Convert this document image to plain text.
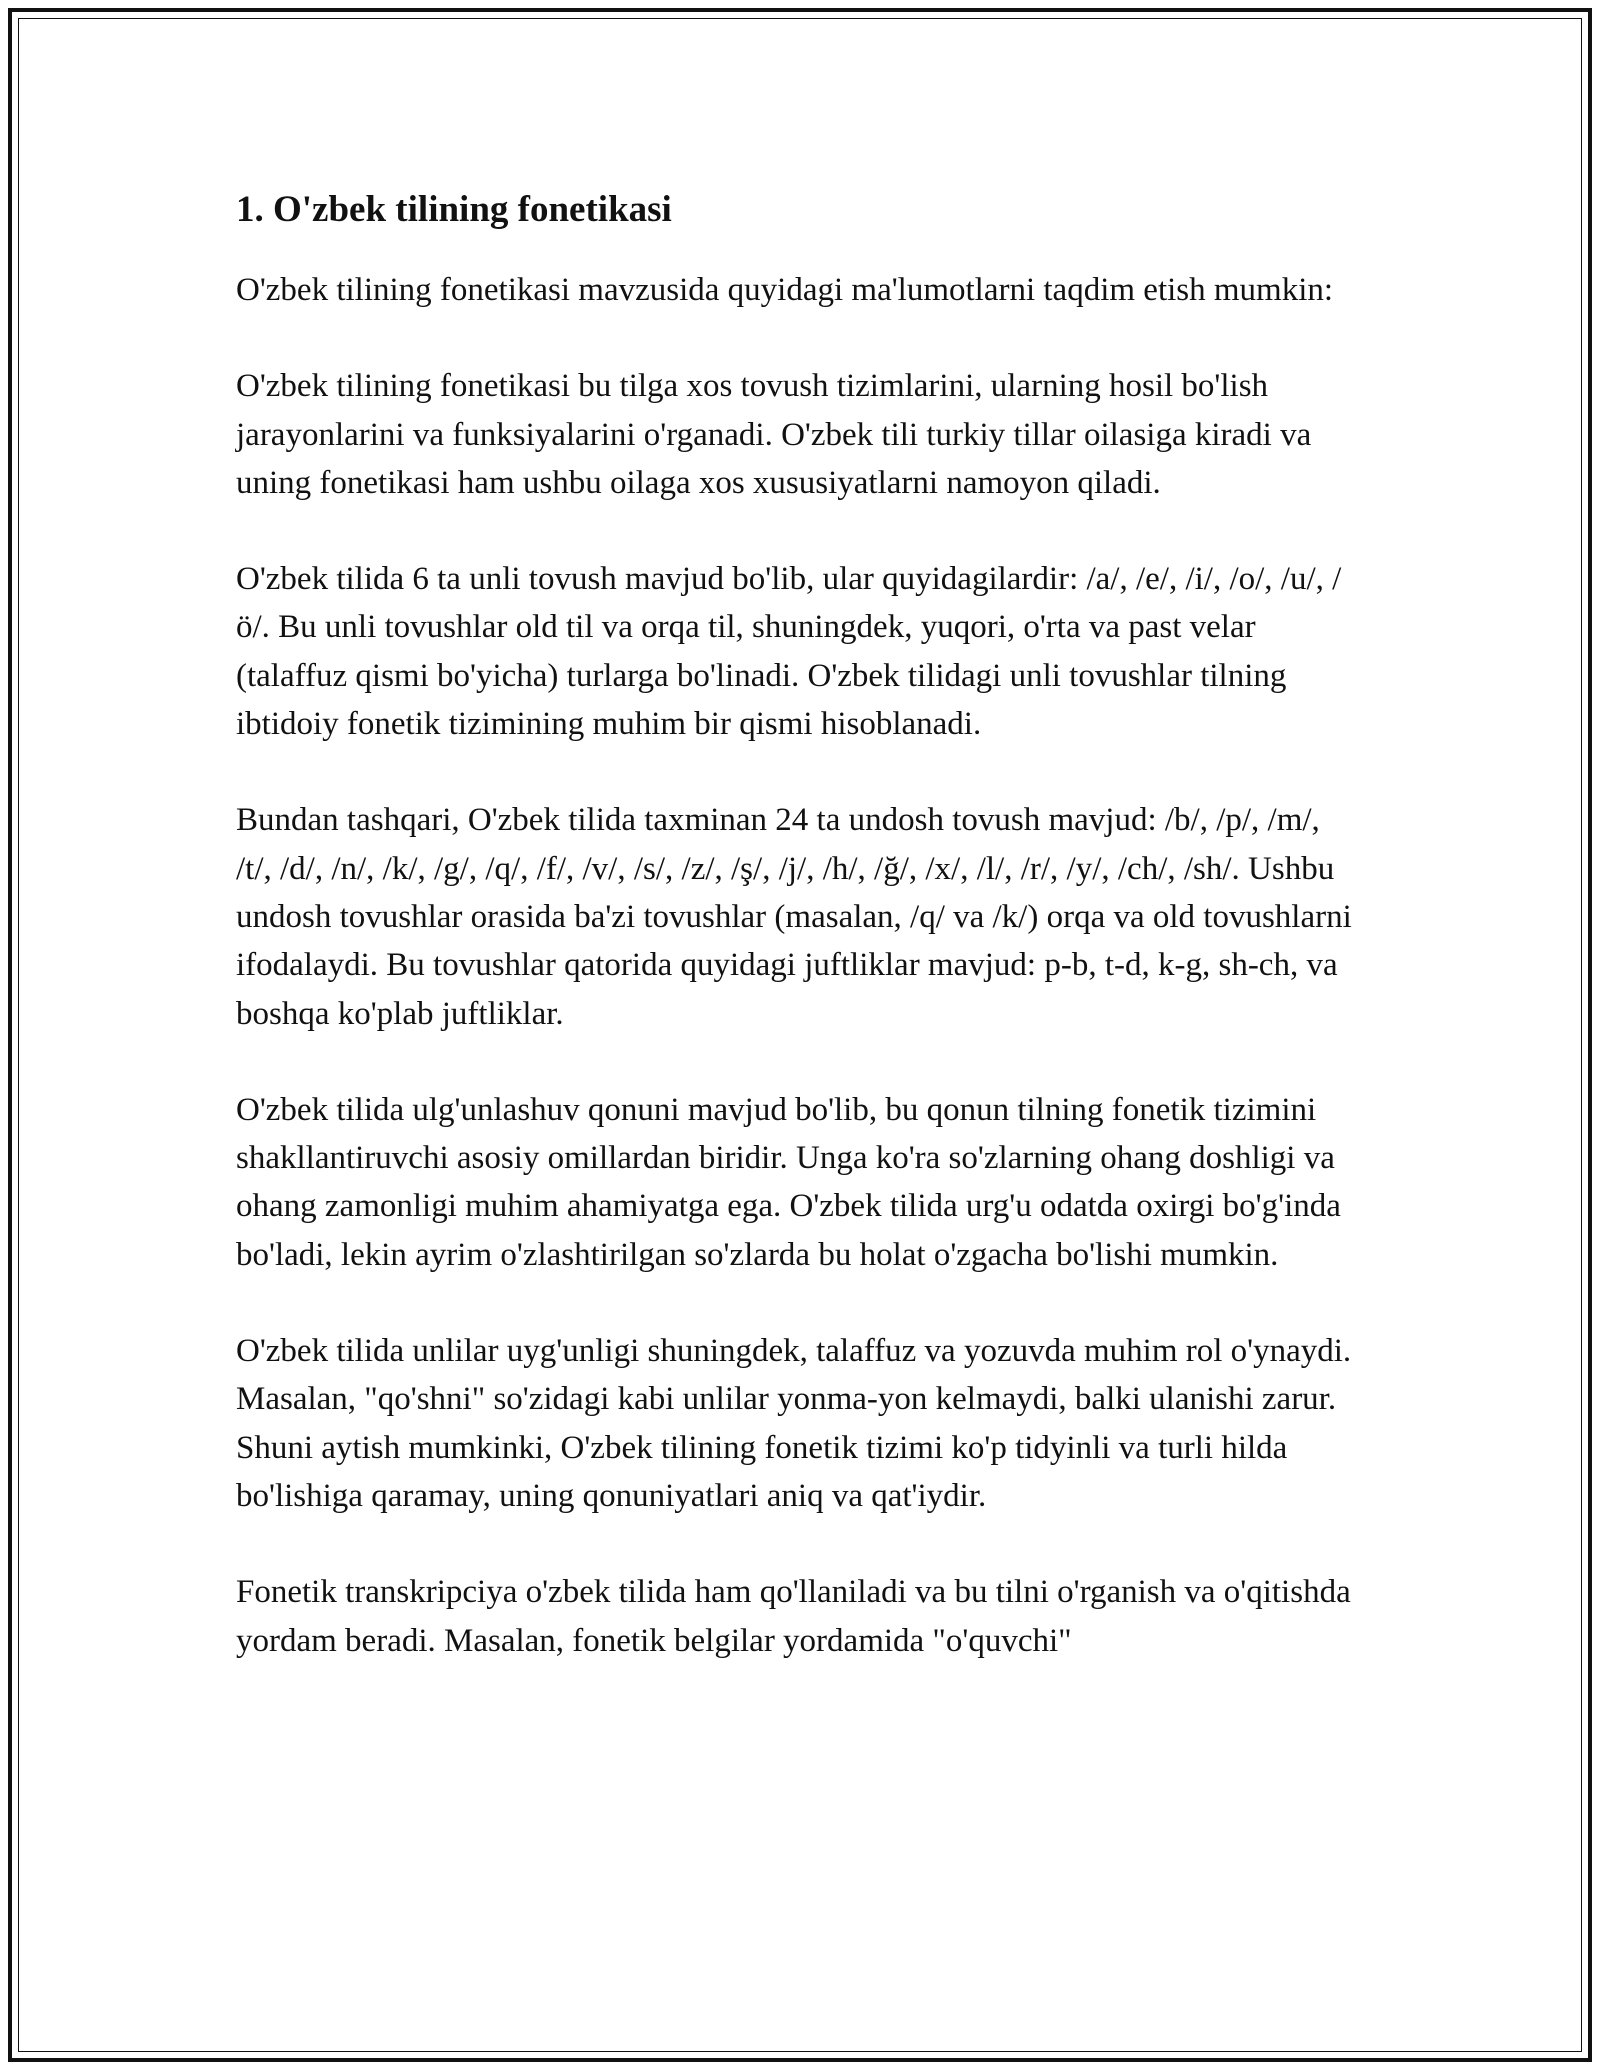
1. O'zbek tilining fonetikasi

O'zbek tilining fonetikasi mavzusida quyidagi ma'lumotlarni taqdim etish mumkin:

O'zbek tilining fonetikasi bu tilga xos tovush tizimlarini, ularning hosil bo'lish jarayonlarini va funksiyalarini o'rganadi. O'zbek tili turkiy tillar oilasiga kiradi va uning fonetikasi ham ushbu oilaga xos xususiyatlarni namoyon qiladi.

O'zbek tilida 6 ta unli tovush mavjud bo'lib, ular quyidagilardir: /a/, /e/, /i/, /o/, /u/, /ö/. Bu unli tovushlar old til va orqa til, shuningdek, yuqori, o'rta va past velar (talaffuz qismi bo'yicha) turlarga bo'linadi. O'zbek tilidagi unli tovushlar tilning ibtidoiy fonetik tizimining muhim bir qismi hisoblanadi.

Bundan tashqari, O'zbek tilida taxminan 24 ta undosh tovush mavjud: /b/, /p/, /m/, /t/, /d/, /n/, /k/, /g/, /q/, /f/, /v/, /s/, /z/, /ş/, /j/, /h/, /ğ/, /x/, /l/, /r/, /y/, /ch/, /sh/. Ushbu undosh tovushlar orasida ba'zi tovushlar (masalan, /q/ va /k/) orqa va old tovushlarni ifodalaydi. Bu tovushlar qatorida quyidagi juftliklar mavjud: p-b, t-d, k-g, sh-ch, va boshqa ko'plab juftliklar.

O'zbek tilida ulg'unlashuv qonuni mavjud bo'lib, bu qonun tilning fonetik tizimini shakllantiruvchi asosiy omillardan biridir. Unga ko'ra so'zlarning ohang doshligi va ohang zamonligi muhim ahamiyatga ega. O'zbek tilida urg'u odatda oxirgi bo'g'inda bo'ladi, lekin ayrim o'zlashtirilgan so'zlarda bu holat o'zgacha bo'lishi mumkin.

O'zbek tilida unlilar uyg'unligi shuningdek, talaffuz va yozuvda muhim rol o'ynaydi. Masalan, "qo'shni" so'zidagi kabi unlilar yonma-yon kelmaydi, balki ulanishi zarur. Shuni aytish mumkinki, O'zbek tilining fonetik tizimi ko'p tidyinli va turli hilda bo'lishiga qaramay, uning qonuniyatlari aniq va qat'iydir.

Fonetik transkripciya o'zbek tilida ham qo'llaniladi va bu tilni o'rganish va o'qitishda yordam beradi. Masalan, fonetik belgilar yordamida "o'quvchi"
